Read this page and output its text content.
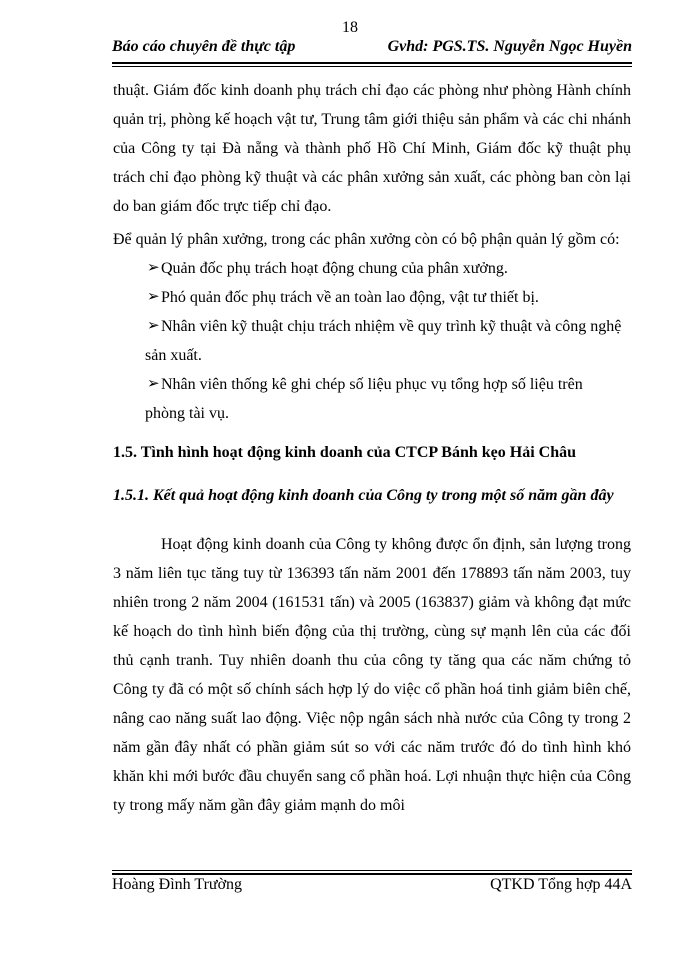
18
Báo cáo chuyên đề thực tập	Gvhd: PGS.TS. Nguyễn Ngọc Huyền

thuật. Giám đốc kinh doanh phụ trách chỉ đạo các phòng như phòng Hành chính quản trị, phòng kế hoạch vật tư, Trung tâm giới thiệu sản phẩm và các chi nhánh của Công ty tại Đà nẵng và thành phố Hồ Chí Minh, Giám đốc kỹ thuật phụ trách chỉ đạo phòng kỹ thuật và các phân xưởng sản xuất, các phòng ban còn lại do ban giám đốc trực tiếp chỉ đạo.

Để quản lý phân xưởng, trong các phân xưởng còn có bộ phận quản lý gồm có:

➢ Quản đốc phụ trách hoạt động chung của phân xưởng.
➢ Phó quản đốc phụ trách về an toàn lao động, vật tư thiết bị.
➢ Nhân viên kỹ thuật chịu trách nhiệm về quy trình kỹ thuật và công nghệ
sản xuất.
➢ Nhân viên thống kê ghi chép số liệu phục vụ tổng hợp số liệu trên
phòng tài vụ.

1.5. Tình hình hoạt động kinh doanh của CTCP Bánh kẹo Hải Châu

1.5.1. Kết quả hoạt động kinh doanh của Công ty trong một số năm gần đây

Hoạt động kinh doanh của Công ty không được ổn định, sản lượng trong 3 năm liên tục tăng tuy từ 136393 tấn năm 2001 đến 178893 tấn năm 2003, tuy nhiên trong 2 năm 2004 (161531 tấn) và 2005 (163837) giảm và không đạt mức kế hoạch do tình hình biến động của thị trường, cùng sự mạnh lên của các đối thủ cạnh tranh. Tuy nhiên doanh thu của công ty tăng qua các năm chứng tỏ Công ty đã có một số chính sách hợp lý do việc cổ phần hoá tinh giảm biên chế, nâng cao năng suất lao động. Việc nộp ngân sách nhà nước của Công ty trong 2 năm gần đây nhất có phần giảm sút so với các năm trước đó do tình hình khó khăn khi mới bước đầu chuyển sang cổ phần hoá. Lợi nhuận thực hiện của Công ty trong mấy năm gần đây giảm mạnh do môi

Hoàng Đình Trường	QTKD Tổng hợp 44A
